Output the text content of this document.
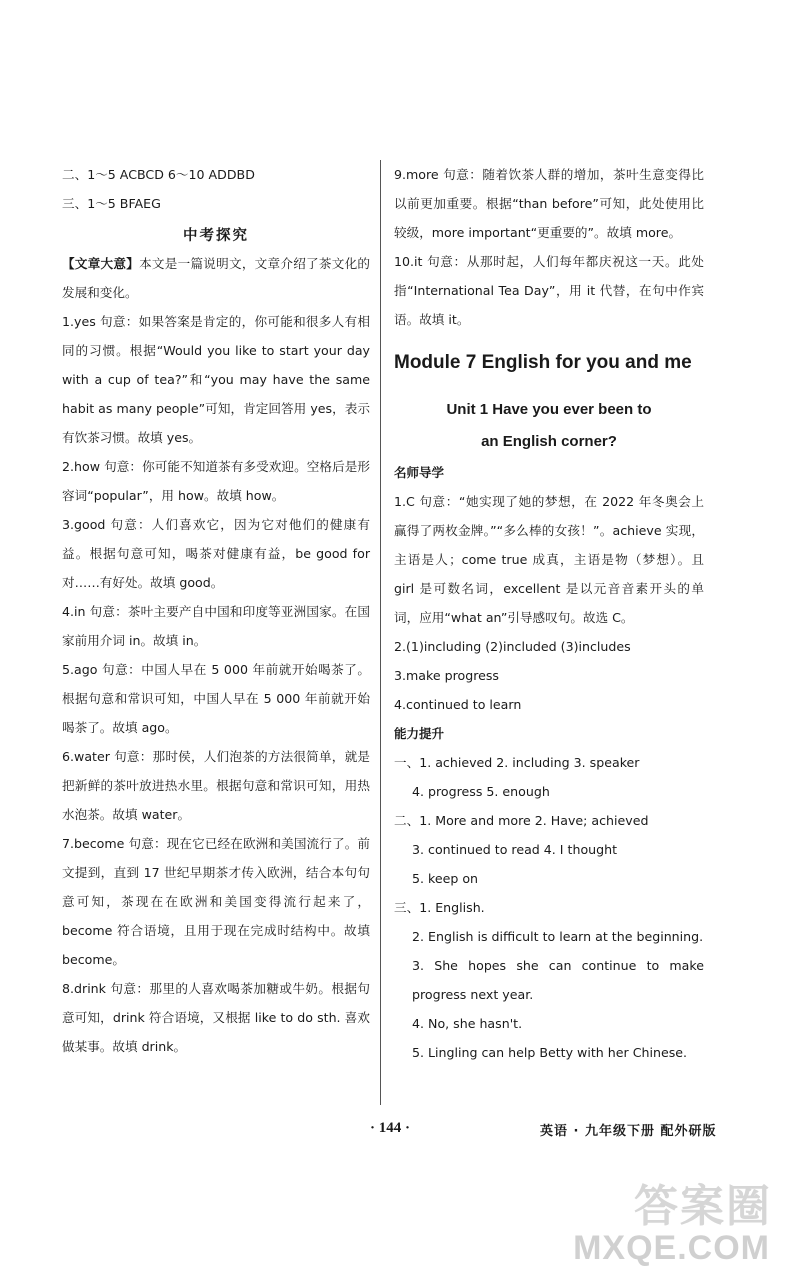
二、1～5 ACBCD 6～10 ADDBD

三、1～5 BFAEG

中考探究

【文章大意】本文是一篇说明文，文章介绍了茶文化的发展和变化。

1.yes 句意：如果答案是肯定的，你可能和很多人有相同的习惯。根据“Would you like to start your day with a cup of tea?”和“you may have the same habit as many people”可知，肯定回答用 yes，表示有饮茶习惯。故填 yes。

2.how 句意：你可能不知道茶有多受欢迎。空格后是形容词“popular”，用 how。故填 how。

3.good 句意：人们喜欢它，因为它对他们的健康有益。根据句意可知，喝茶对健康有益，be good for 对……有好处。故填 good。

4.in 句意：茶叶主要产自中国和印度等亚洲国家。在国家前用介词 in。故填 in。

5.ago 句意：中国人早在 5 000 年前就开始喝茶了。根据句意和常识可知，中国人早在 5 000 年前就开始喝茶了。故填 ago。

6.water 句意：那时侯，人们泡茶的方法很简单，就是把新鲜的茶叶放进热水里。根据句意和常识可知，用热水泡茶。故填 water。

7.become 句意：现在它已经在欧洲和美国流行了。前文提到，直到 17 世纪早期茶才传入欧洲，结合本句句意可知，茶现在在欧洲和美国变得流行起来了，become 符合语境，且用于现在完成时结构中。故填 become。

8.drink 句意：那里的人喜欢喝茶加糖或牛奶。根据句意可知，drink 符合语境，又根据 like to do sth. 喜欢做某事。故填 drink。

9.more 句意：随着饮茶人群的增加，茶叶生意变得比以前更加重要。根据“than before”可知，此处使用比较级，more important“更重要的”。故填 more。

10.it 句意：从那时起，人们每年都庆祝这一天。此处指“International Tea Day”，用 it 代替，在句中作宾语。故填 it。

Module 7 English for you and me

Unit 1 Have you ever been to

an English corner?

名师导学

1.C 句意：“她实现了她的梦想，在 2022 年冬奥会上赢得了两枚金牌。”“多么棒的女孩！”。achieve 实现，主语是人；come true 成真，主语是物（梦想）。且 girl 是可数名词，excellent 是以元音音素开头的单词，应用“what an”引导感叹句。故选 C。

2.(1)including (2)included (3)includes

3.make progress

4.continued to learn

能力提升

一、1. achieved 2. including 3. speaker

4. progress 5. enough

二、1. More and more 2. Have; achieved

3. continued to read 4. I thought

5. keep on

三、1. English.

2. English is difficult to learn at the beginning.

3. She hopes she can continue to make progress next year.

4. No, she hasn't.

5. Lingling can help Betty with her Chinese.

· 144 ·	英语 · 九年级下册 配外研版
答案圈
MXQE.COM
